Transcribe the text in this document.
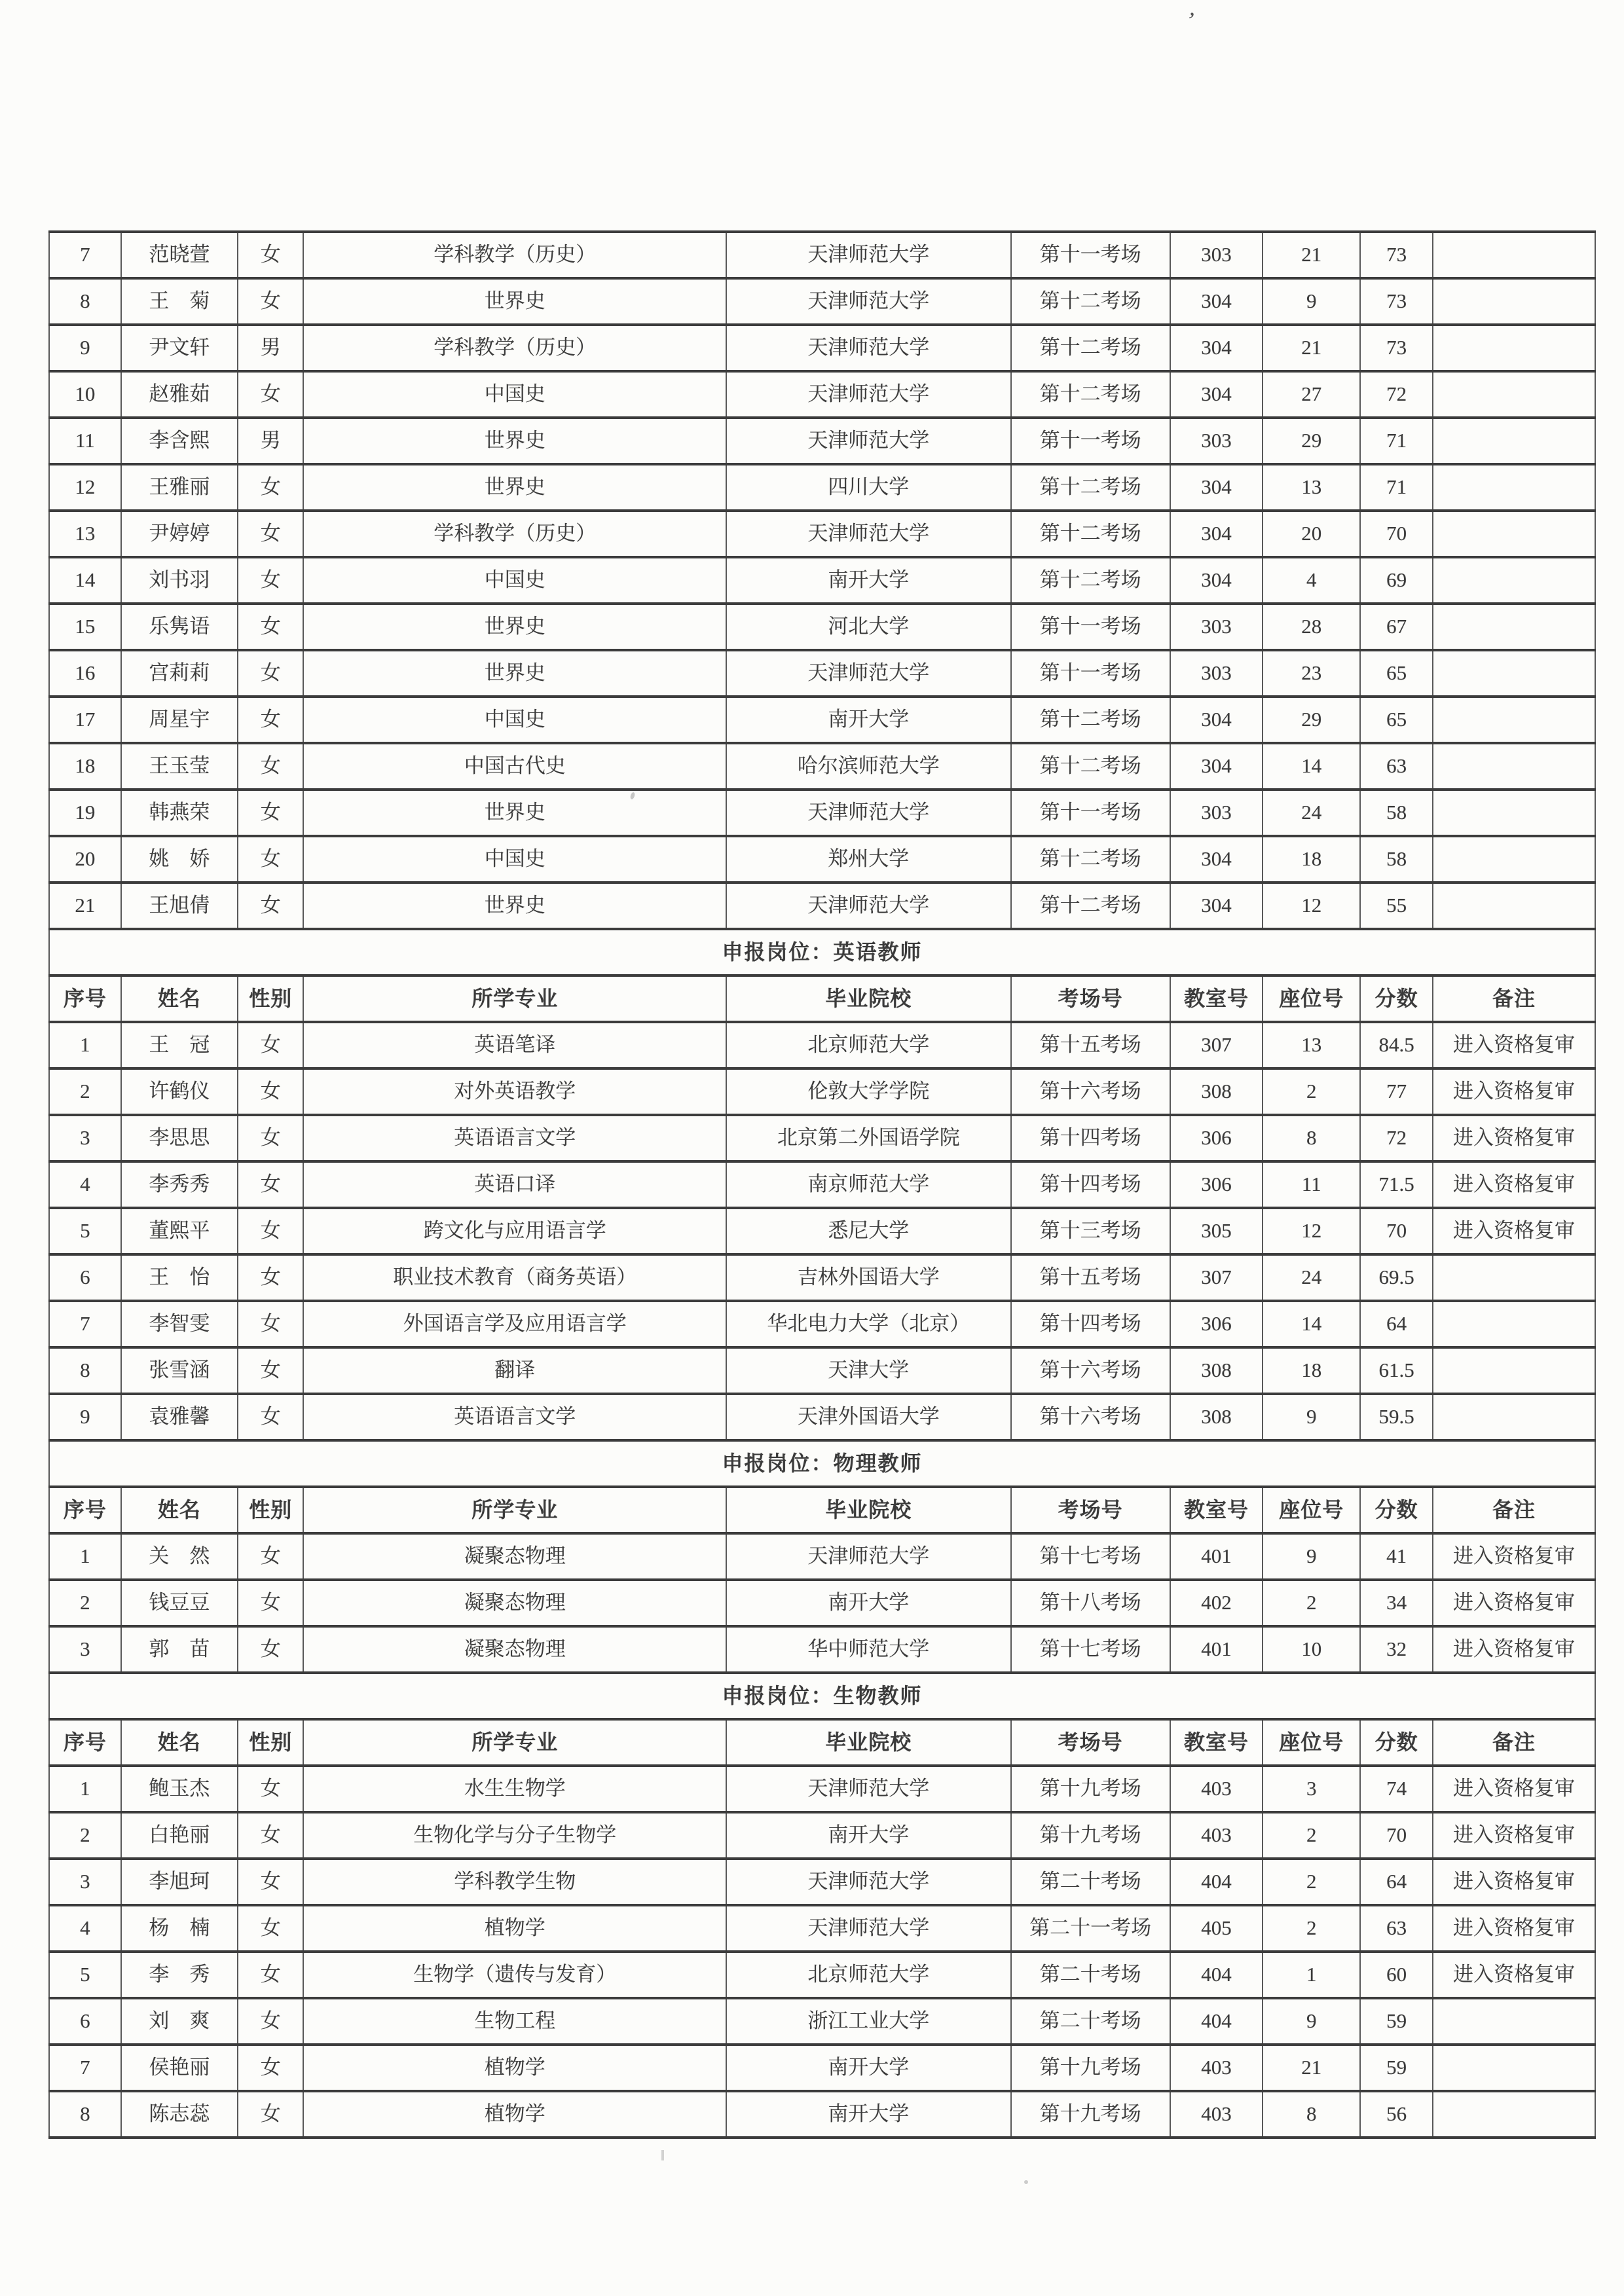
’
7	范晓萱	女	学科教学（历史）	天津师范大学	第十一考场	303	21	73	
8	王　菊	女	世界史	天津师范大学	第十二考场	304	9	73	
9	尹文轩	男	学科教学（历史）	天津师范大学	第十二考场	304	21	73	
10	赵雅茹	女	中国史	天津师范大学	第十二考场	304	27	72	
11	李含熙	男	世界史	天津师范大学	第十一考场	303	29	71	
12	王雅丽	女	世界史	四川大学	第十二考场	304	13	71	
13	尹婷婷	女	学科教学（历史）	天津师范大学	第十二考场	304	20	70	
14	刘书羽	女	中国史	南开大学	第十二考场	304	4	69	
15	乐隽语	女	世界史	河北大学	第十一考场	303	28	67	
16	宫莉莉	女	世界史	天津师范大学	第十一考场	303	23	65	
17	周星宇	女	中国史	南开大学	第十二考场	304	29	65	
18	王玉莹	女	中国古代史	哈尔滨师范大学	第十二考场	304	14	63	
19	韩燕荣	女	世界史	天津师范大学	第十一考场	303	24	58	
20	姚　娇	女	中国史	郑州大学	第十二考场	304	18	58	
21	王旭倩	女	世界史	天津师范大学	第十二考场	304	12	55	
申报岗位：英语教师									
序号	姓名	性别	所学专业	毕业院校	考场号	教室号	座位号	分数	备注
1	王　冠	女	英语笔译	北京师范大学	第十五考场	307	13	84.5	进入资格复审
2	许鹤仪	女	对外英语教学	伦敦大学学院	第十六考场	308	2	77	进入资格复审
3	李思思	女	英语语言文学	北京第二外国语学院	第十四考场	306	8	72	进入资格复审
4	李秀秀	女	英语口译	南京师范大学	第十四考场	306	11	71.5	进入资格复审
5	董熙平	女	跨文化与应用语言学	悉尼大学	第十三考场	305	12	70	进入资格复审
6	王　怡	女	职业技术教育（商务英语）	吉林外国语大学	第十五考场	307	24	69.5	
7	李智雯	女	外国语言学及应用语言学	华北电力大学（北京）	第十四考场	306	14	64	
8	张雪涵	女	翻译	天津大学	第十六考场	308	18	61.5	
9	袁雅馨	女	英语语言文学	天津外国语大学	第十六考场	308	9	59.5	
申报岗位：物理教师									
序号	姓名	性别	所学专业	毕业院校	考场号	教室号	座位号	分数	备注
1	关　然	女	凝聚态物理	天津师范大学	第十七考场	401	9	41	进入资格复审
2	钱豆豆	女	凝聚态物理	南开大学	第十八考场	402	2	34	进入资格复审
3	郭　苗	女	凝聚态物理	华中师范大学	第十七考场	401	10	32	进入资格复审
申报岗位：生物教师									
序号	姓名	性别	所学专业	毕业院校	考场号	教室号	座位号	分数	备注
1	鲍玉杰	女	水生生物学	天津师范大学	第十九考场	403	3	74	进入资格复审
2	白艳丽	女	生物化学与分子生物学	南开大学	第十九考场	403	2	70	进入资格复审
3	李旭珂	女	学科教学生物	天津师范大学	第二十考场	404	2	64	进入资格复审
4	杨　楠	女	植物学	天津师范大学	第二十一考场	405	2	63	进入资格复审
5	李　秀	女	生物学（遗传与发育）	北京师范大学	第二十考场	404	1	60	进入资格复审
6	刘　爽	女	生物工程	浙江工业大学	第二十考场	404	9	59	
7	侯艳丽	女	植物学	南开大学	第十九考场	403	21	59	
8	陈志蕊	女	植物学	南开大学	第十九考场	403	8	56	
